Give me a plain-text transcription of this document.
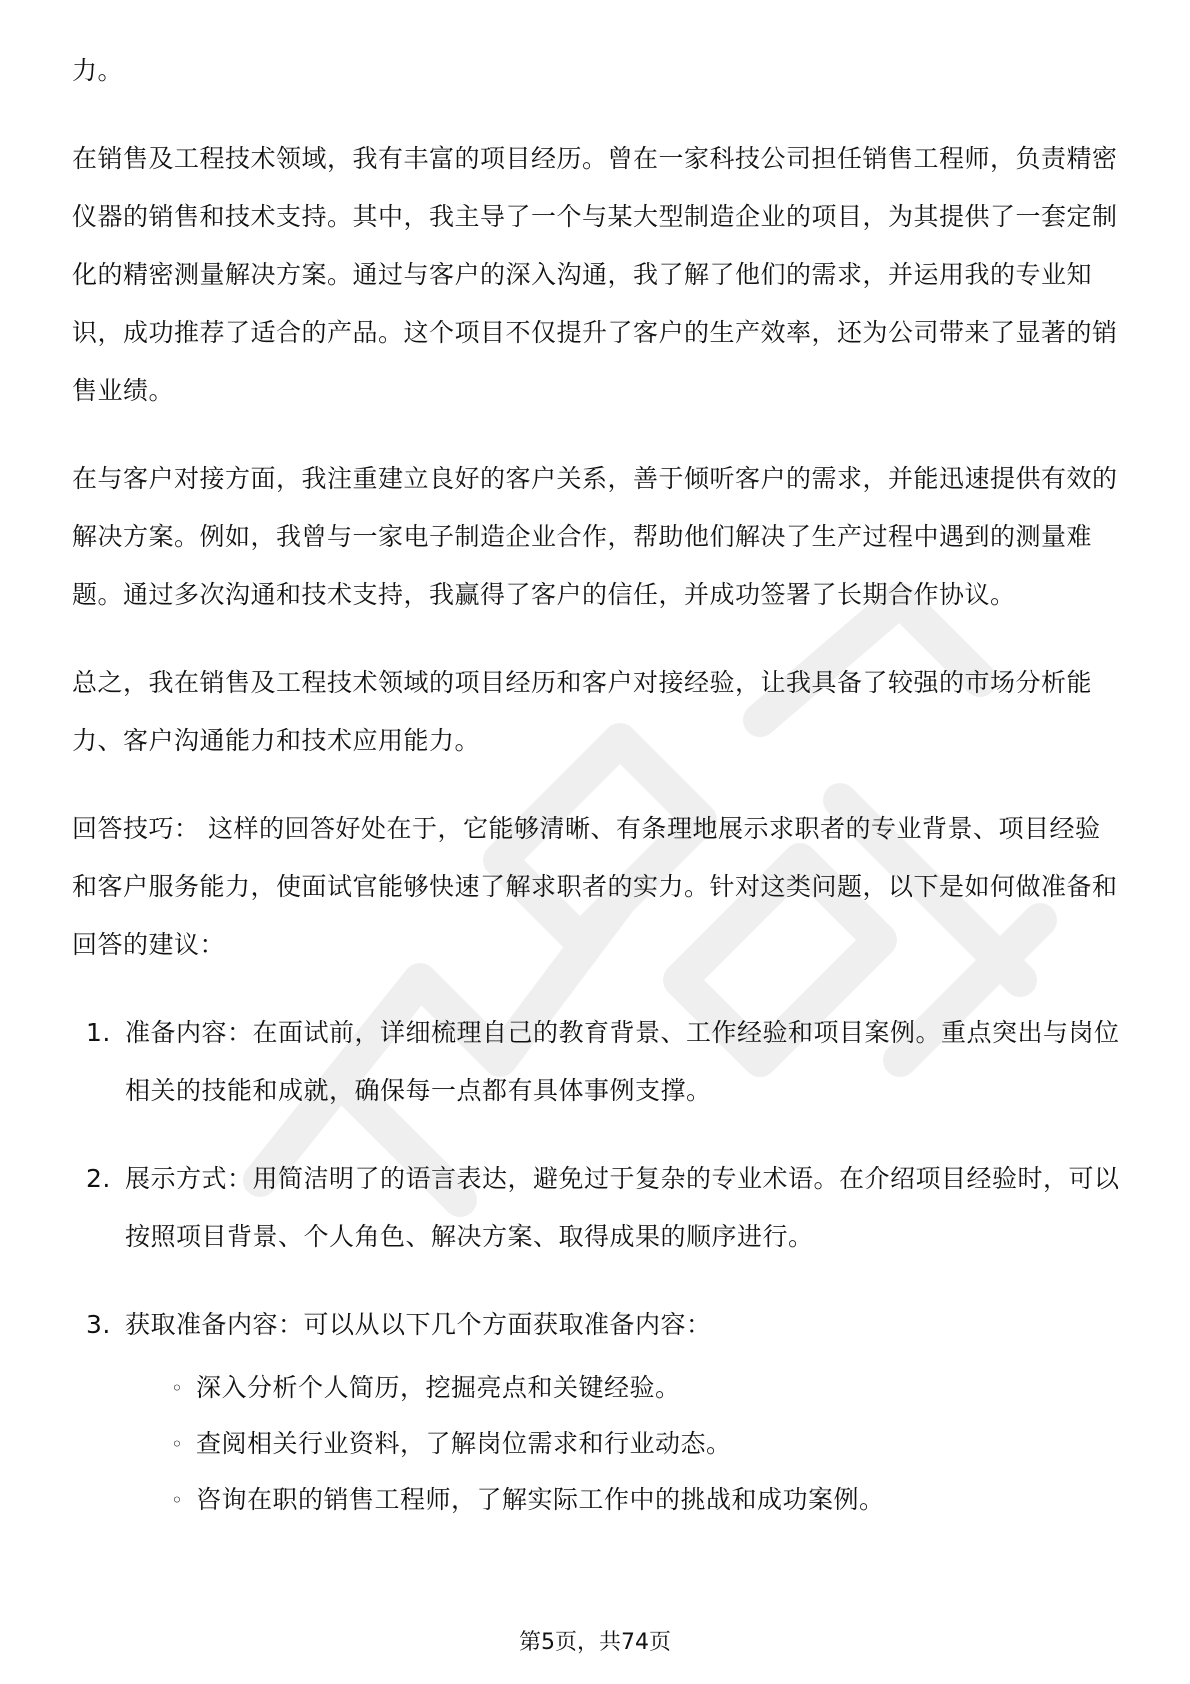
力。

在销售及工程技术领域，我有丰富的项目经历。曾在一家科技公司担任销售工程师，负责精密仪器的销售和技术支持。其中，我主导了一个与某大型制造企业的项目，为其提供了一套定制化的精密测量解决方案。通过与客户的深入沟通，我了解了他们的需求，并运用我的专业知识，成功推荐了适合的产品。这个项目不仅提升了客户的生产效率，还为公司带来了显著的销售业绩。

在与客户对接方面，我注重建立良好的客户关系，善于倾听客户的需求，并能迅速提供有效的解决方案。例如，我曾与一家电子制造企业合作，帮助他们解决了生产过程中遇到的测量难题。通过多次沟通和技术支持，我赢得了客户的信任，并成功签署了长期合作协议。

总之，我在销售及工程技术领域的项目经历和客户对接经验，让我具备了较强的市场分析能力、客户沟通能力和技术应用能力。

回答技巧： 这样的回答好处在于，它能够清晰、有条理地展示求职者的专业背景、项目经验和客户服务能力，使面试官能够快速了解求职者的实力。针对这类问题，以下是如何做准备和回答的建议：

1. 准备内容：在面试前，详细梳理自己的教育背景、工作经验和项目案例。重点突出与岗位相关的技能和成就，确保每一点都有具体事例支撑。
2. 展示方式：用简洁明了的语言表达，避免过于复杂的专业术语。在介绍项目经验时，可以按照项目背景、个人角色、解决方案、取得成果的顺序进行。
3. 获取准备内容：可以从以下几个方面获取准备内容：
◦ 深入分析个人简历，挖掘亮点和关键经验。
◦ 查阅相关行业资料，了解岗位需求和行业动态。
◦ 咨询在职的销售工程师，了解实际工作中的挑战和成功案例。
第5页，共74页
